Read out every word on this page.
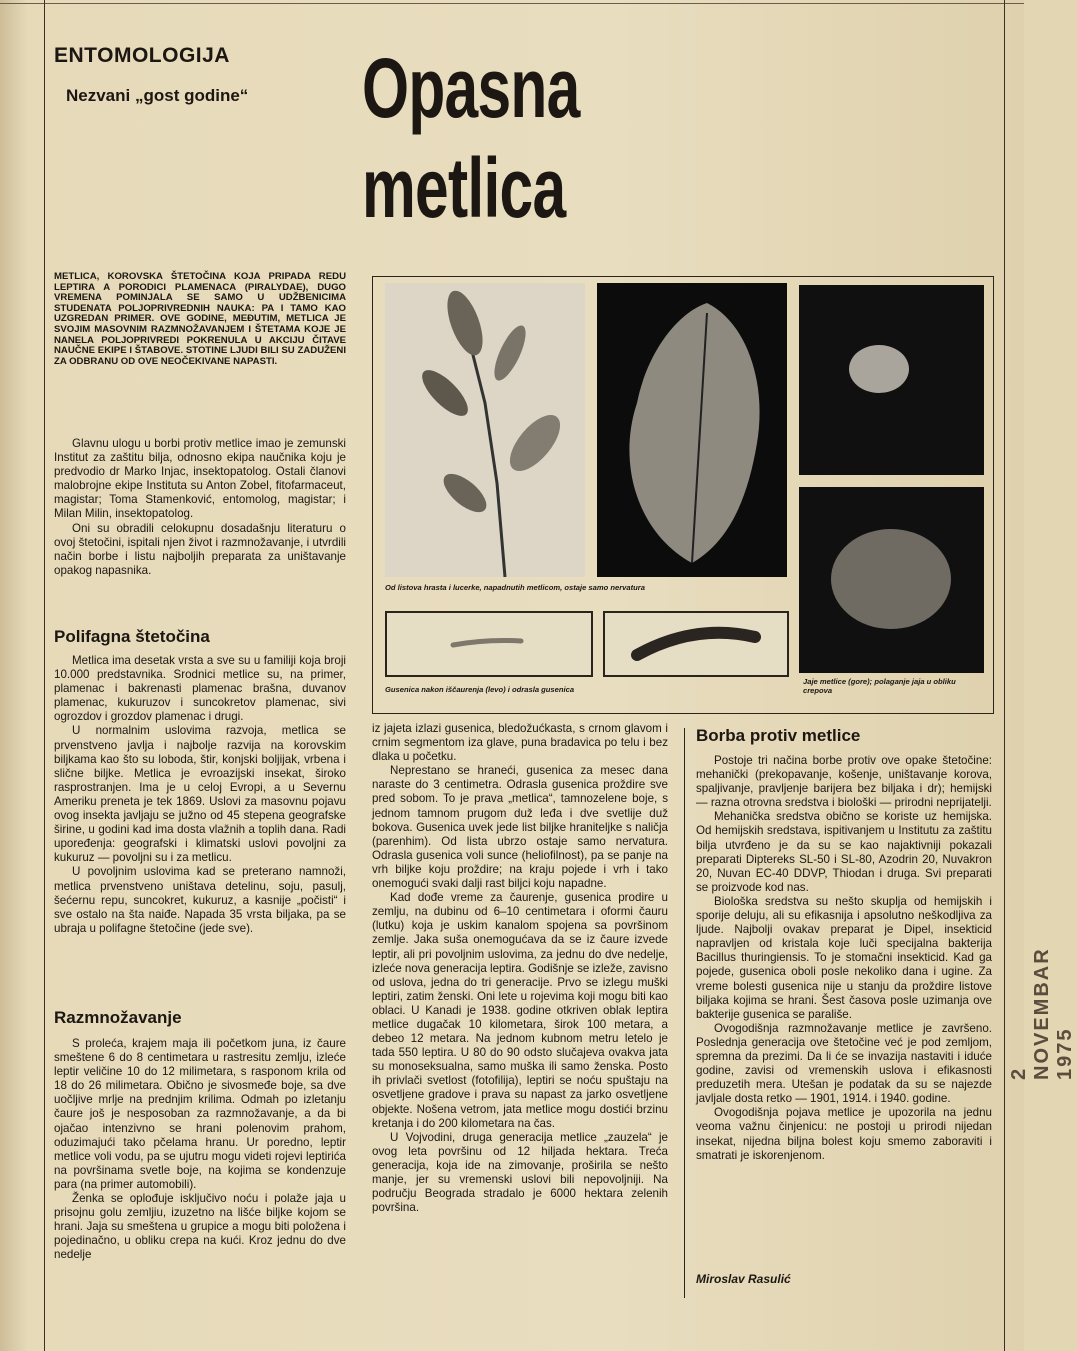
ENTOMOLOGIJA
Nezvani „gost godine“ Opasna
metlica

METLICA, KOROVSKA ŠTETOČINA KOJA PRIPADA REDU LEPTIRA A PORODICI PLAMENACA (PIRALYDAE), DUGO VREMENA POMINJALA SE SAMO U UDŽBENICIMA STUDENATA POLJOPRIVREDNIH NAUKA: PA I TAMO KAO UZGREDAN PRIMER. OVE GODINE, MEĐUTIM, METLICA JE SVOJIM MASOVNIM RAZMNOŽAVANJEM I ŠTETAMA KOJE JE NANELA POLJOPRIVREDI POKRENULA U AKCIJU ČITAVE NAUČNE EKIPE I ŠTABOVE. STOTINE LJUDI BILI SU ZADUŽENI ZA ODBRANU OD OVE NEOČEKIVANE NAPASTI.

Glavnu ulogu u borbi protiv metlice imao je zemunski Institut za zaštitu bilja, odnosno ekipa naučnika koju je predvodio dr Marko Injac, insektopatolog. Ostali članovi malobrojne ekipe Instituta su Anton Zobel, fitofarmaceut, magistar; Toma Stamenković, entomolog, magistar; i Milan Milin, insektopatolog.

Oni su obradili celokupnu dosadašnju literaturu o ovoj štetočini, ispitali njen život i razmnožavanje, i utvrdili način borbe i listu najboljih preparata za uništavanje opakog napasnika.

Polifagna štetočina

Metlica ima desetak vrsta a sve su u familiji koja broji 10.000 predstavnika. Srodnici metlice su, na primer, plamenac i bakrenasti plamenac brašna, duvanov plamenac, kukuruzov i suncokretov plamenac, sivi ogrozdov i grozdov plamenac i drugi.

U normalnim uslovima razvoja, metlica se prvenstveno javlja i najbolje razvija na korovskim biljkama kao što su loboda, štir, konjski boljijak, vrbena i slične biljke. Metlica je evroazijski insekat, široko rasprostranjen. Ima je u celoj Evropi, a u Severnu Ameriku preneta je tek 1869. Uslovi za masovnu pojavu ovog insekta javljaju se južno od 45 stepena geografske širine, u godini kad ima dosta vlažnih a toplih dana. Radi upoređenja: geografski i klimatski uslovi povoljni za kukuruz — povoljni su i za metlicu.

U povoljnim uslovima kad se preterano namnoži, metlica prvenstveno uništava detelinu, soju, pasulj, šećernu repu, suncokret, kukuruz, a kasnije „počisti“ i sve ostalo na šta naiđe. Napada 35 vrsta biljaka, pa se ubraja u polifagne štetočine (jede sve).

Razmnožavanje

S proleća, krajem maja ili početkom juna, iz čaure smeštene 6 do 8 centimetara u rastresitu zemlju, izleće leptir veličine 10 do 12 milimetara, s rasponom krila od 18 do 26 milimetara. Obično je sivosmeđe boje, sa dve uočljive mrlje na prednjim krilima. Odmah po izletanju čaure još je nesposoban za razmnožavanje, a da bi ojačao intenzivno se hrani polenovim prahom, oduzimajući tako pčelama hranu. Ur poredno, leptir metlice voli vodu, pa se ujutru mogu videti rojevi leptirića na površinama svetle boje, na kojima se kondenzuje para (na primer automobili).

Ženka se oplođuje isključivo noću i polaže jaja u prisojnu golu zemljiu, izuzetno na lišće biljke kojom se hrani. Jaja su smeštena u grupice a mogu biti položena i pojedinačno, u obliku crepa na kući. Kroz jednu do dve nedelje

Od listova hrasta i lucerke, napadnutih metlicom, ostaje samo nervatura

Gusenica nakon iščaurenja (levo) i odrasla gusenica

Jaje metlice (gore); polaganje jaja u obliku crepova

iz jajeta izlazi gusenica, bledožućkasta, s crnom glavom i crnim segmentom iza glave, puna bradavica po telu i bez dlaka u početku.

Neprestano se hraneći, gusenica za mesec dana naraste do 3 centimetra. Odrasla gusenica proždire sve pred sobom. To je prava „metlica“, tamnozelene boje, s jednom tamnom prugom duž leđa i dve svetlije duž bokova. Gusenica uvek jede list biljke hraniteljke s naličja (parenhim). Od lista ubrzo ostaje samo nervatura. Odrasla gusenica voli sunce (heliofilnost), pa se panje na vrh biljke koju proždire; na kraju pojede i vrh i tako onemogući svaki dalji rast biljci koju napadne.

Kad dođe vreme za čaurenje, gusenica prodire u zemlju, na dubinu od 6–10 centimetara i oformi čauru (lutku) koja je uskim kanalom spojena sa površinom zemlje. Jaka suša onemogućava da se iz čaure izvede leptir, ali pri povoljnim uslovima, za jednu do dve nedelje, izleće nova generacija leptira. Godišnje se izleže, zavisno od uslova, jedna do tri generacije. Prvo se izlegu muški leptiri, zatim ženski. Oni lete u rojevima koji mogu biti kao oblaci. U Kanadi je 1938. godine otkriven oblak leptira metlice dugačak 10 kilometara, širok 100 metara, a debeo 12 metara. Na jednom kubnom metru letelo je tada 550 leptira. U 80 do 90 odsto slučajeva ovakva jata su monoseksualna, samo muška ili samo ženska. Posto ih privlači svetlost (fotofilija), leptiri se noću spuštaju na osvetljene gradove i prava su napast za jarko osvetljene objekte. Nošena vetrom, jata metlice mogu dostići brzinu kretanja i do 200 kilometara na čas.

U Vojvodini, druga generacija metlice „zauzela“ je ovog leta površinu od 12 hiljada hektara. Treća generacija, koja ide na zimovanje, proširila se nešto manje, jer su vremenski uslovi bili nepovoljniji. Na području Beograda stradalo je 6000 hektara zelenih površina.

Borba protiv metlice

Postoje tri načina borbe protiv ove opake štetočine: mehanički (prekopavanje, košenje, uništavanje korova, spaljivanje, pravljenje barijera bez biljaka i dr); hemijski — razna otrovna sredstva i biološki — prirodni neprijatelji.

Mehanička sredstva obično se koriste uz hemijska. Od hemijskih sredstava, ispitivanjem u Institutu za zaštitu bilja utvrđeno je da su se kao najaktivniji pokazali preparati Diptereks SL-50 i SL-80, Azodrin 20, Nuvakron 20, Nuvan EC-40 DDVP, Thiodan i druga. Svi preparati se proizvode kod nas.

Biološka sredstva su nešto skuplja od hemijskih i sporije deluju, ali su efikasnija i apsolutno neškodljiva za ljude. Najbolji ovakav preparat je Dipel, insekticid napravljen od kristala koje luči specijalna bakterija Bacillus thuringiensis. To je stomačni insekticid. Kad ga pojede, gusenica oboli posle nekoliko dana i ugine. Za vreme bolesti gusenica nije u stanju da proždire listove biljaka kojima se hrani. Šest časova posle uzimanja ove bakterije gusenica se parališe.

Ovogodišnja razmnožavanje metlice je završeno. Poslednja generacija ove štetočine već je pod zemljom, spremna da prezimi. Da li će se invazija nastaviti i iduće godine, zavisi od vremenskih uslova i efikasnosti preduzetih mera. Utešan je podatak da su se najezde javljale dosta retko — 1901, 1914. i 1940. godine.

Ovogodišnja pojava metlice je upozorila na jednu veoma važnu činjenicu: ne postoji u prirodi nijedan insekat, nijedna biljna bolest koju smemo zaboraviti i smatrati je iskorenjenom.

Miroslav Rasulić

2 NOVEMBAR 1975
